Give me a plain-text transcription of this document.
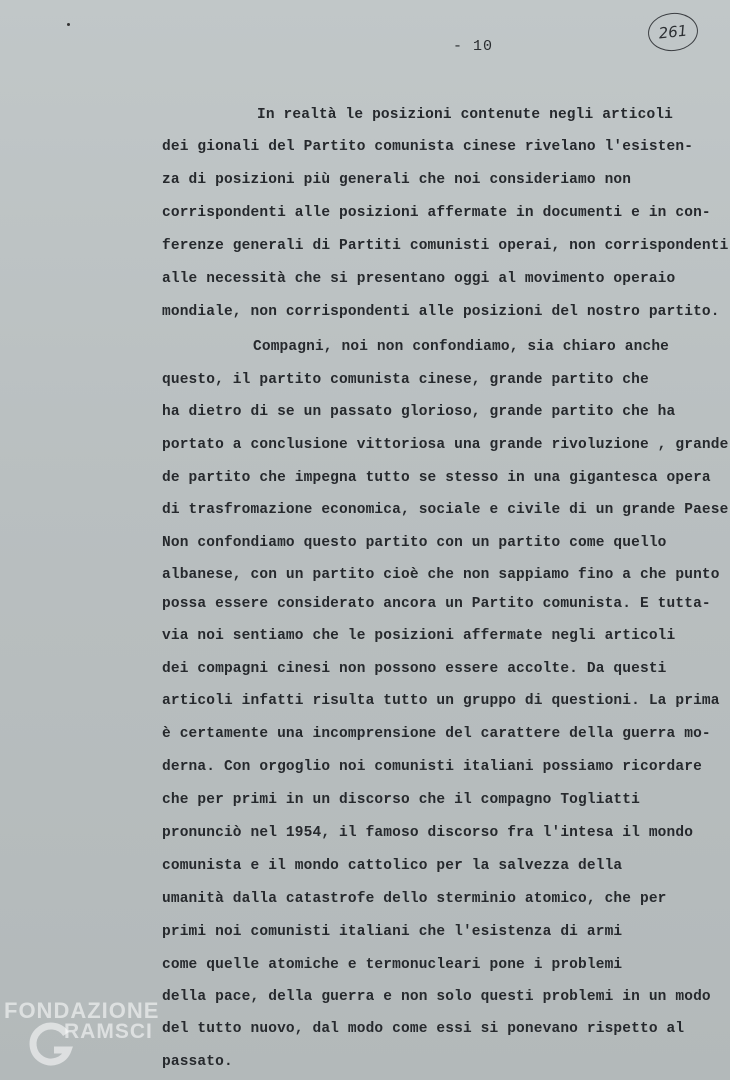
- 10
261
In realtà le posizioni contenute negli articoli
dei gionali del Partito comunista cinese rivelano l'esisten-
za di posizioni più generali che noi consideriamo non
corrispondenti alle posizioni affermate in documenti e in con-
ferenze generali di Partiti comunisti operai, non corrispondenti
alle necessità che si presentano oggi al movimento operaio
mondiale, non corrispondenti alle posizioni del nostro partito.
Compagni, noi non confondiamo, sia chiaro anche
questo, il partito comunista cinese, grande partito che
ha dietro di se un passato glorioso, grande partito che ha
portato a conclusione vittoriosa una grande rivoluzione , grande
de partito che impegna tutto se stesso in una gigantesca opera
di trasfromazione economica, sociale e civile di un grande Paese
Non confondiamo questo partito con un partito come quello
albanese, con un partito cioè che non sappiamo fino a che punto
possa essere considerato ancora un Partito comunista. E tutta-
via noi sentiamo che le posizioni affermate negli articoli
dei compagni cinesi non possono essere accolte. Da questi
articoli infatti risulta tutto un gruppo di questioni. La prima
è certamente una incomprensione del carattere della guerra mo-
derna. Con orgoglio noi comunisti italiani possiamo ricordare
che per primi in un discorso che il compagno Togliatti
pronunciò nel 1954, il famoso discorso fra l'intesa il mondo
comunista e il mondo cattolico per la salvezza della
umanità dalla catastrofe dello sterminio atomico, che per
primi noi comunisti italiani che l'esistenza di armi
come quelle atomiche e termonucleari pone i problemi
della pace, della guerra e non solo questi problemi in un modo
del tutto nuovo, dal modo come essi si ponevano rispetto al
passato.
FONDAZIONE
RAMSCI
